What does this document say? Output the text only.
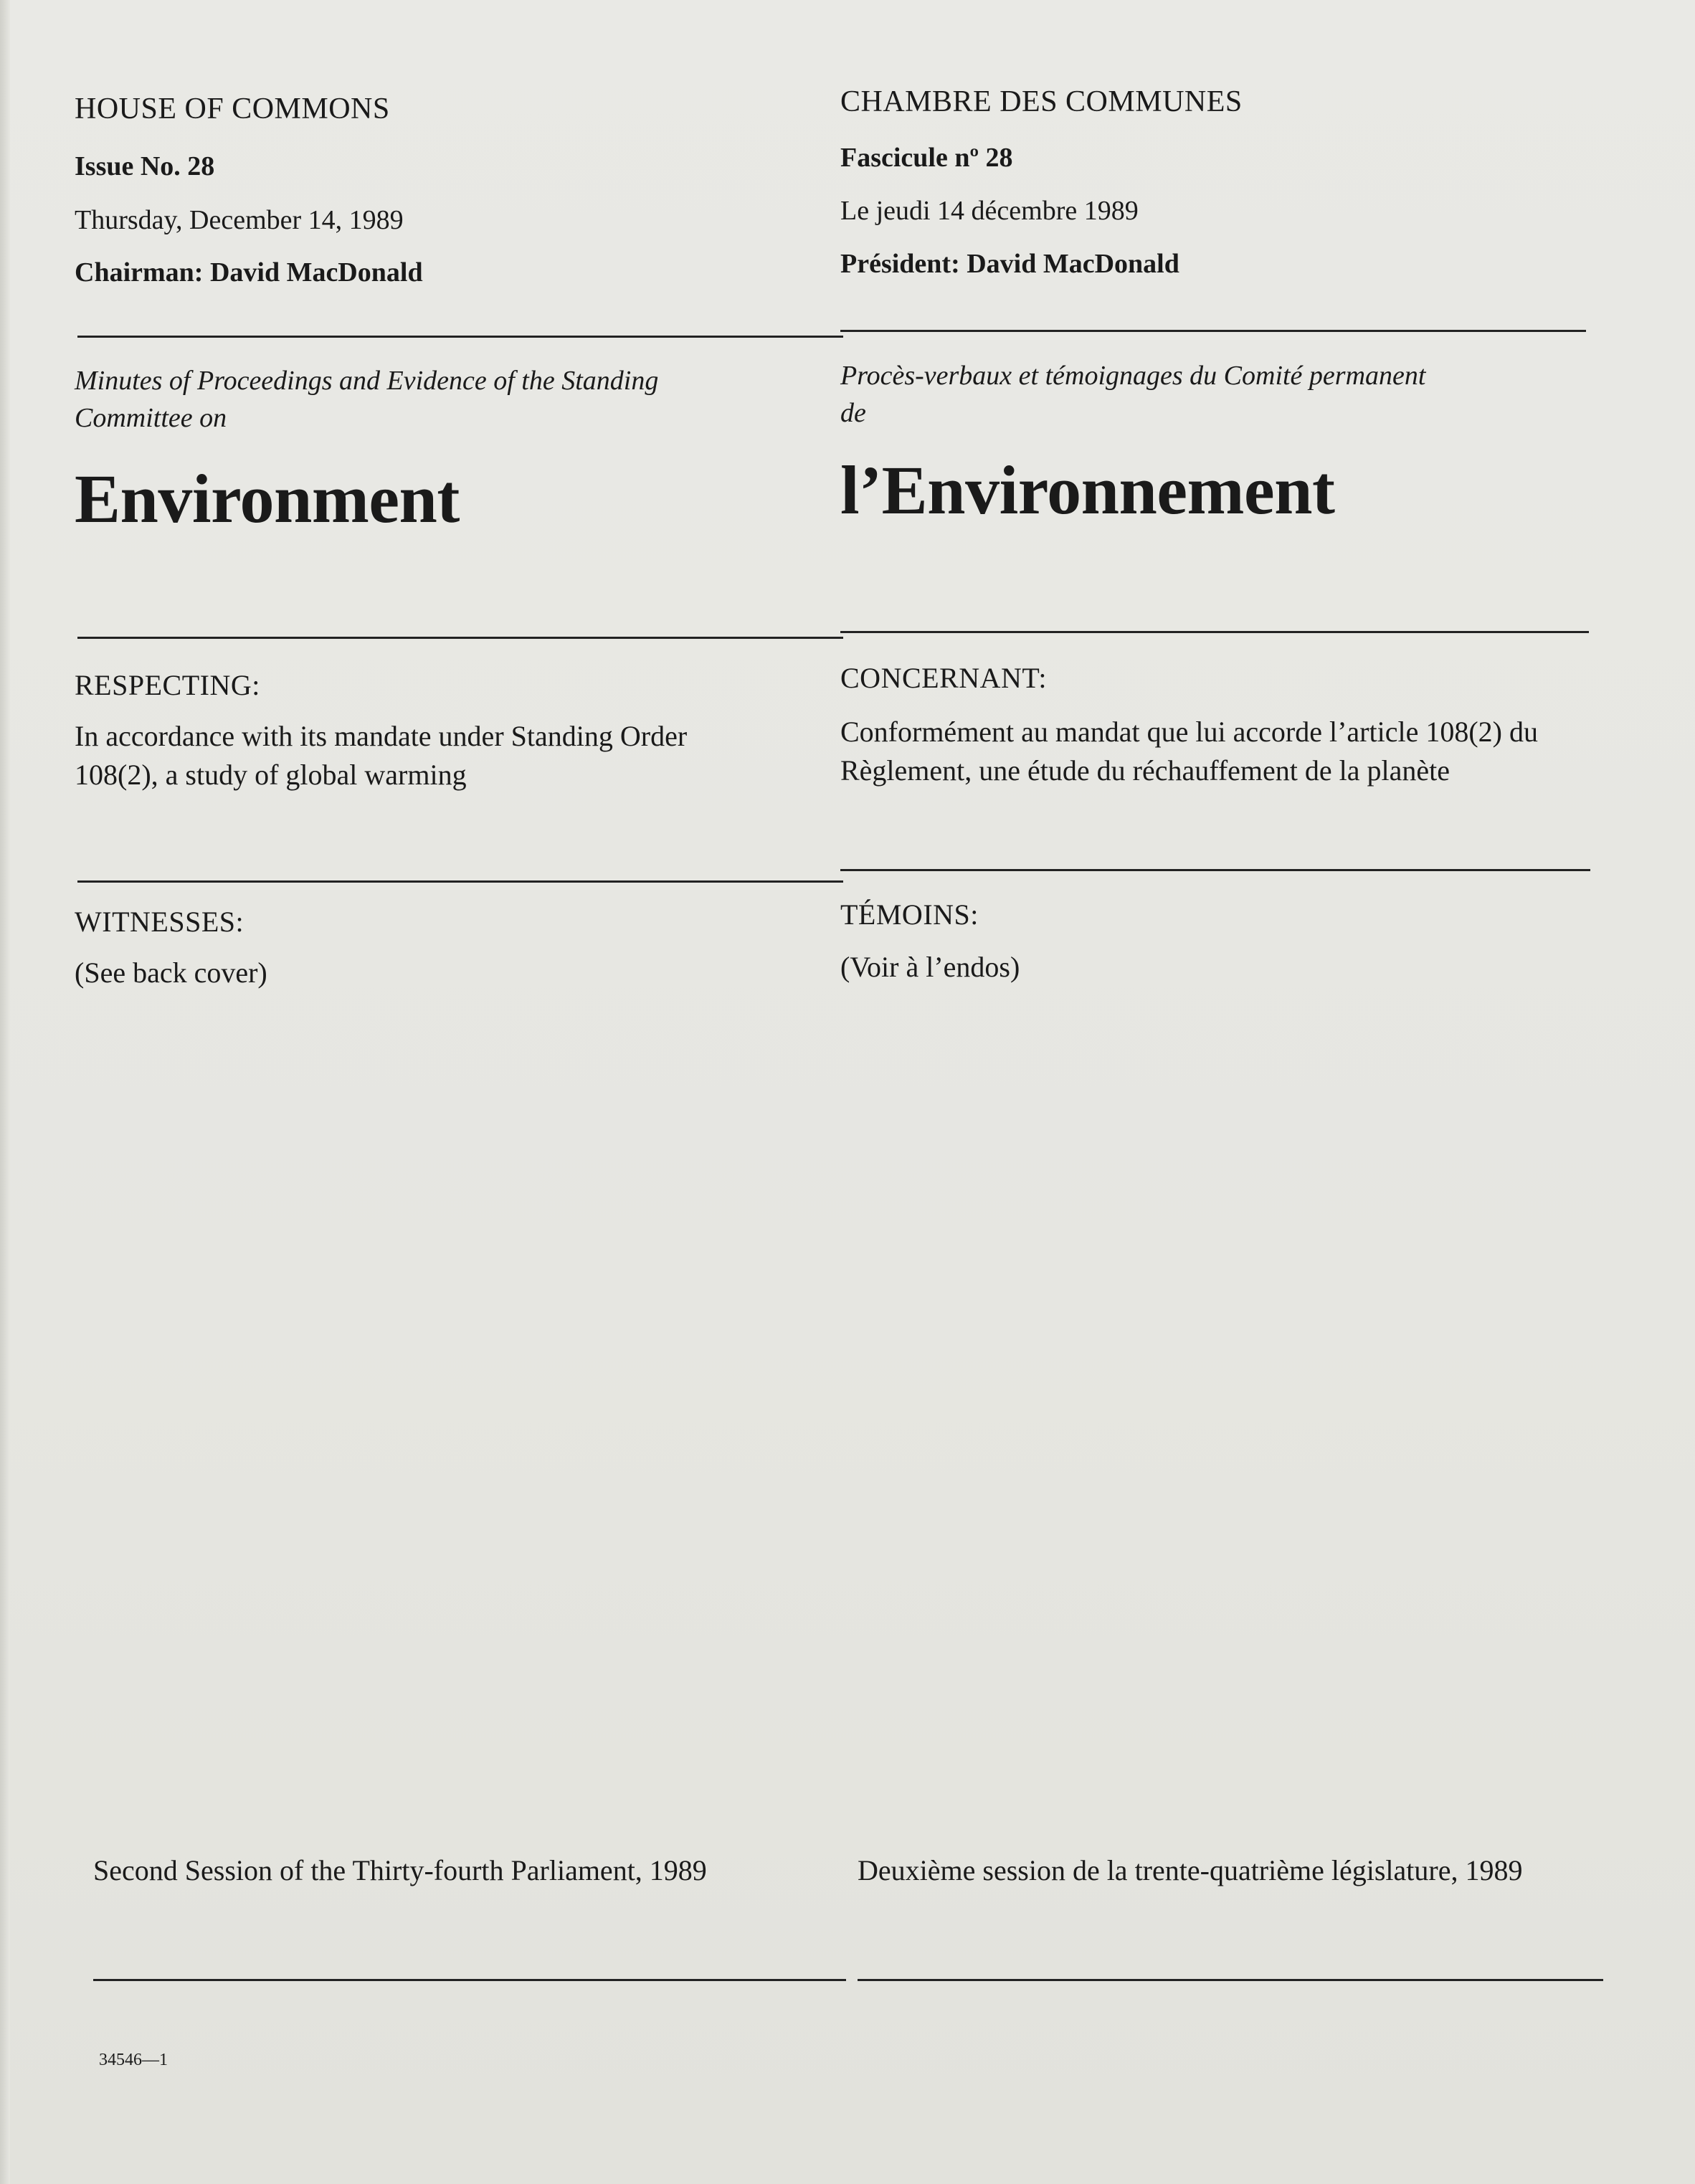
HOUSE OF COMMONS

Issue No. 28

Thursday, December 14, 1989

Chairman: David MacDonald

Minutes of Proceedings and Evidence of the Standing Committee on

Environment

RESPECTING:

In accordance with its mandate under Standing Order 108(2), a study of global warming

WITNESSES:

(See back cover)

Second Session of the Thirty-fourth Parliament, 1989

34546—1

CHAMBRE DES COMMUNES

Fascicule nº 28

Le jeudi 14 décembre 1989

Président: David MacDonald

Procès-verbaux et témoignages du Comité permanent de

l’Environnement

CONCERNANT:

Conformément au mandat que lui accorde l’article 108(2) du Règlement, une étude du réchauffement de la planète

TÉMOINS:

(Voir à l’endos)

Deuxième session de la trente-quatrième législature, 1989
